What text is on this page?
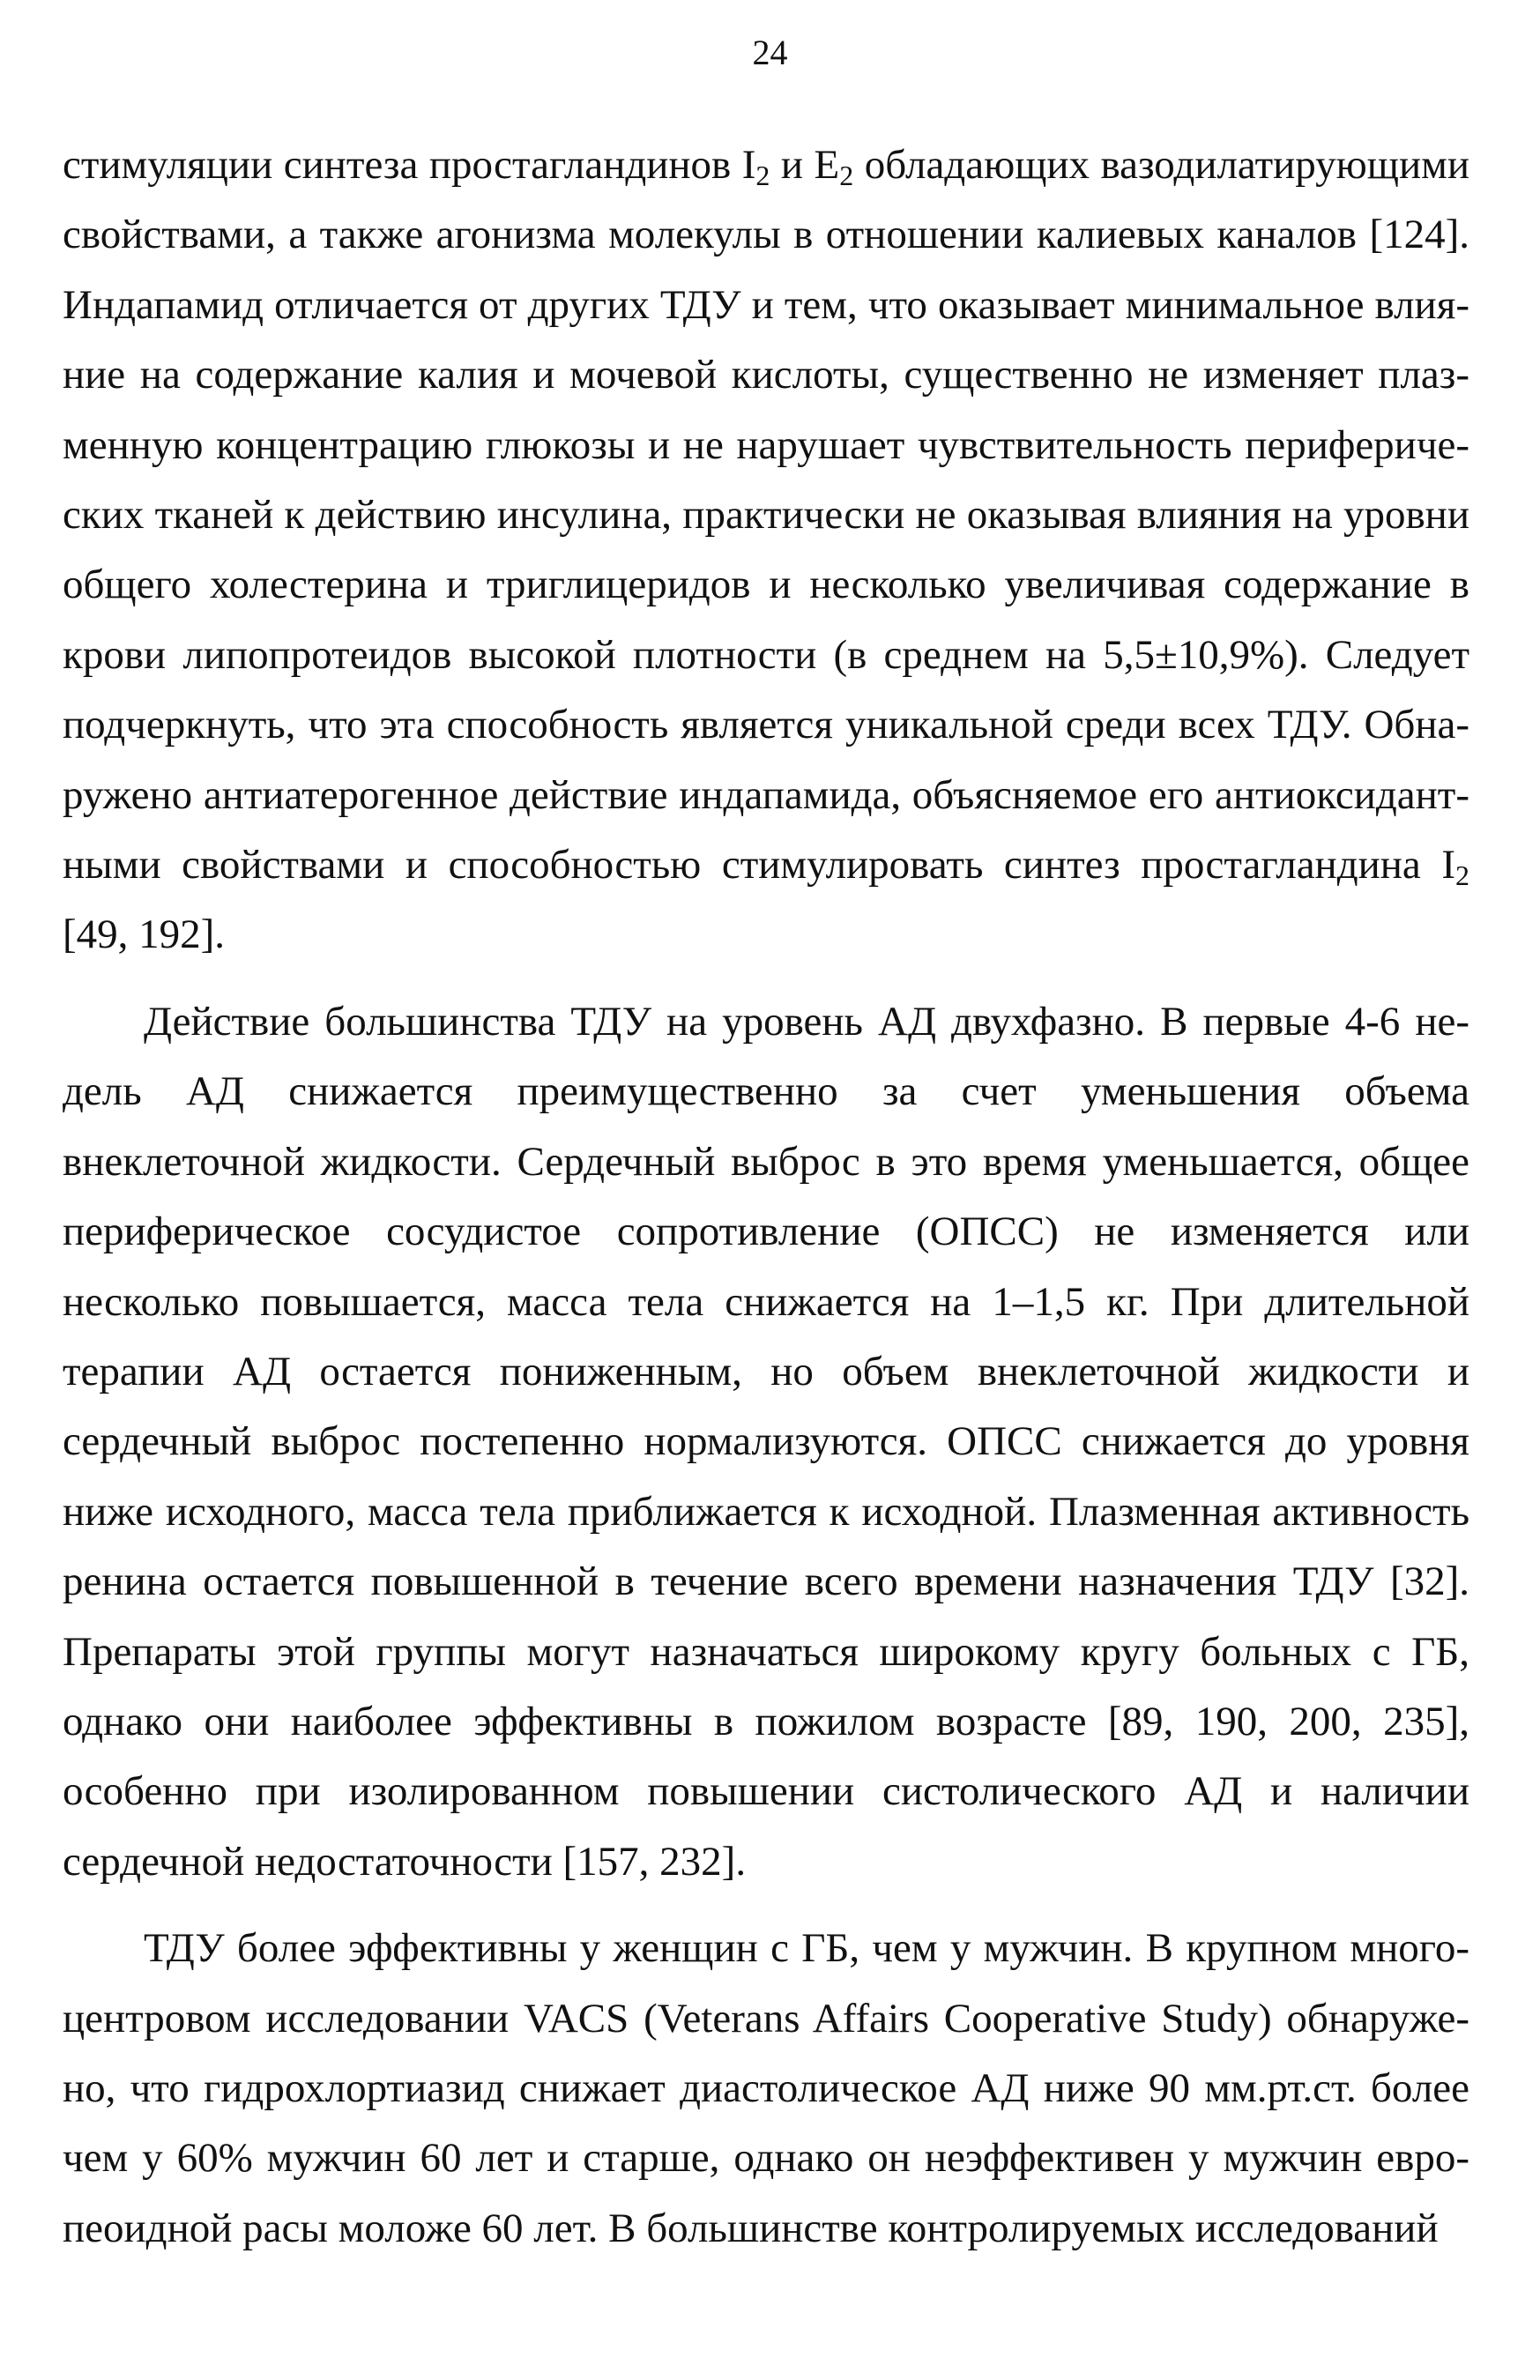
24

стимуляции синтеза простагландинов $I_2$ и $E_2$ обладающих вазодилатирующими свойствами, а также агонизма молекулы в отношении калиевых каналов [124]. Индапамид отличается от других ТДУ и тем, что оказывает минимальное влияние на содержание калия и мочевой кислоты, существенно не изменяет плазменную концентрацию глюкозы и не нарушает чувствительность периферических тканей к действию инсулина, практически не оказывая влияния на уровни общего холестерина и триглицеридов и несколько увеличивая содержание в крови липопротеидов высокой плотности (в среднем на 5,5±10,9%). Следует подчеркнуть, что эта способность является уникальной среди всех ТДУ. Обнаружено антиатерогенное действие индапамида, объясняемое его антиоксидантными свойствами и способностью стимулировать синтез простагландина $I_2$ [49, 192].

Действие большинства ТДУ на уровень АД двухфазно. В первые 4-6 недель АД снижается преимущественно за счет уменьшения объема внеклеточной жидкости. Сердечный выброс в это время уменьшается, общее периферическое сосудистое сопротивление (ОПСС) не изменяется или несколько повышается, масса тела снижается на 1–1,5 кг. При длительной терапии АД остается пониженным, но объем внеклеточной жидкости и сердечный выброс постепенно нормализуются. ОПСС снижается до уровня ниже исходного, масса тела приближается к исходной. Плазменная активность ренина остается повышенной в течение всего времени назначения ТДУ [32]. Препараты этой группы могут назначаться широкому кругу больных с ГБ, однако они наиболее эффективны в пожилом возрасте [89, 190, 200, 235], особенно при изолированном повышении систолического АД и наличии сердечной недостаточности [157, 232].

ТДУ более эффективны у женщин с ГБ, чем у мужчин. В крупном многоцентровом исследовании VACS (Veterans Affairs Cooperative Study) обнаружено, что гидрохлортиазид снижает диастолическое АД ниже 90 мм.рт.ст. более чем у 60% мужчин 60 лет и старше, однако он неэффективен у мужчин европеоидной расы моложе 60 лет. В большинстве контролируемых исследований
